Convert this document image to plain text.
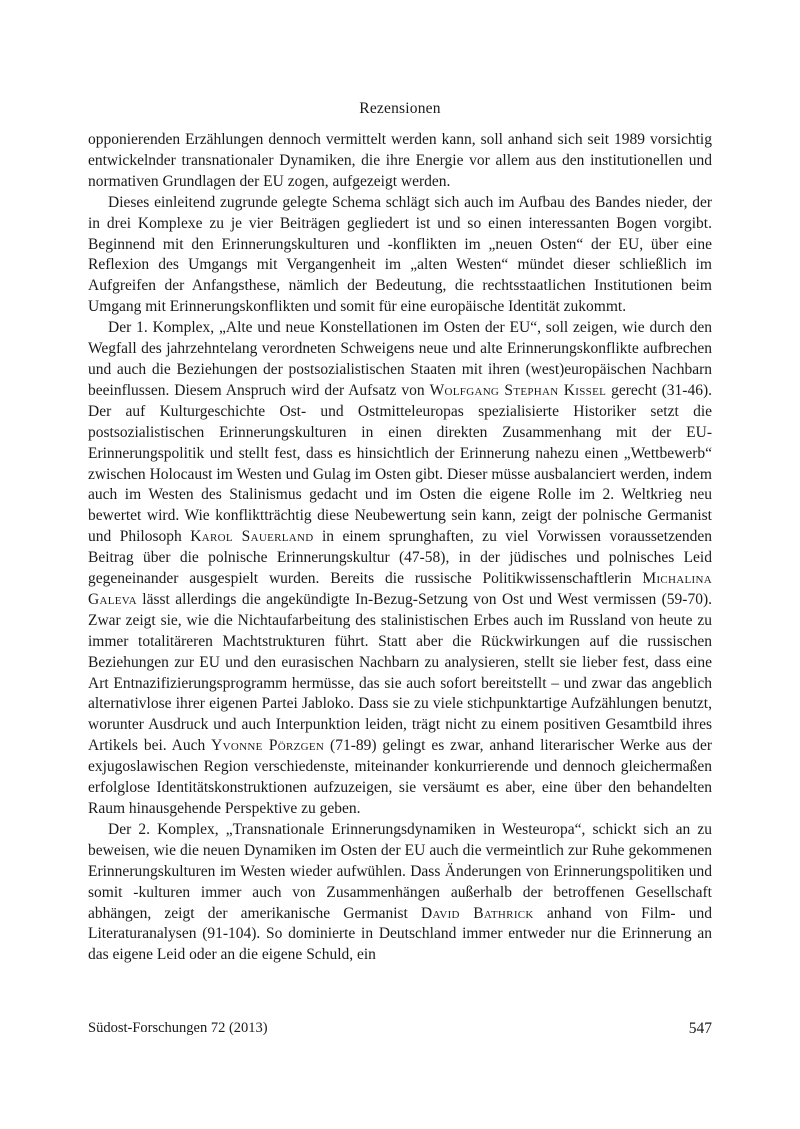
Rezensionen

opponierenden Erzählungen dennoch vermittelt werden kann, soll anhand sich seit 1989 vorsichtig entwickelnder transnationaler Dynamiken, die ihre Energie vor allem aus den institutionellen und normativen Grundlagen der EU zogen, aufgezeigt werden.

Dieses einleitend zugrunde gelegte Schema schlägt sich auch im Aufbau des Bandes nieder, der in drei Komplexe zu je vier Beiträgen gegliedert ist und so einen interessanten Bogen vorgibt. Beginnend mit den Erinnerungskulturen und -konflikten im „neuen Osten“ der EU, über eine Reflexion des Umgangs mit Vergangenheit im „alten Westen“ mündet dieser schließlich im Aufgreifen der Anfangsthese, nämlich der Bedeutung, die rechtsstaatlichen Institutionen beim Umgang mit Erinnerungskonflikten und somit für eine europäische Identität zukommt.

Der 1. Komplex, „Alte und neue Konstellationen im Osten der EU“, soll zeigen, wie durch den Wegfall des jahrzehntelang verordneten Schweigens neue und alte Erinnerungskonflikte aufbrechen und auch die Beziehungen der postsozialistischen Staaten mit ihren (west)europäischen Nachbarn beeinflussen. Diesem Anspruch wird der Aufsatz von Wolfgang Stephan Kissel gerecht (31-46). Der auf Kulturgeschichte Ost- und Ostmitteleuropas spezialisierte Historiker setzt die postsozialistischen Erinnerungskulturen in einen direkten Zusammenhang mit der EU-Erinnerungspolitik und stellt fest, dass es hinsichtlich der Erinnerung nahezu einen „Wettbewerb“ zwischen Holocaust im Westen und Gulag im Osten gibt. Dieser müsse ausbalanciert werden, indem auch im Westen des Stalinismus gedacht und im Osten die eigene Rolle im 2. Weltkrieg neu bewertet wird. Wie konfliktträchtig diese Neubewertung sein kann, zeigt der polnische Germanist und Philosoph Karol Sauerland in einem sprunghaften, zu viel Vorwissen voraussetzenden Beitrag über die polnische Erinnerungskultur (47-58), in der jüdisches und polnisches Leid gegeneinander ausgespielt wurden. Bereits die russische Politikwissenschaftlerin Michalina Galeva lässt allerdings die angekündigte In-Bezug-Setzung von Ost und West vermissen (59-70). Zwar zeigt sie, wie die Nichtaufarbeitung des stalinistischen Erbes auch im Russland von heute zu immer totalitäreren Machtstrukturen führt. Statt aber die Rückwirkungen auf die russischen Beziehungen zur EU und den eurasischen Nachbarn zu analysieren, stellt sie lieber fest, dass eine Art Entnazifizierungsprogramm hermüsse, das sie auch sofort bereitstellt – und zwar das angeblich alternativlose ihrer eigenen Partei Jabloko. Dass sie zu viele stichpunktartige Aufzählungen benutzt, worunter Ausdruck und auch Interpunktion leiden, trägt nicht zu einem positiven Gesamtbild ihres Artikels bei. Auch Yvonne Pörzgen (71-89) gelingt es zwar, anhand literarischer Werke aus der exjugoslawischen Region verschiedenste, miteinander konkurrierende und dennoch gleichermaßen erfolglose Identitätskonstruktionen aufzuzeigen, sie versäumt es aber, eine über den behandelten Raum hinausgehende Perspektive zu geben.

Der 2. Komplex, „Transnationale Erinnerungsdynamiken in Westeuropa“, schickt sich an zu beweisen, wie die neuen Dynamiken im Osten der EU auch die vermeintlich zur Ruhe gekommenen Erinnerungskulturen im Westen wieder aufwühlen. Dass Änderungen von Erinnerungspolitiken und somit -kulturen immer auch von Zusammenhängen außerhalb der betroffenen Gesellschaft abhängen, zeigt der amerikanische Germanist David Bathrick anhand von Film- und Literaturanalysen (91-104). So dominierte in Deutschland immer entweder nur die Erinnerung an das eigene Leid oder an die eigene Schuld, ein

Südost-Forschungen 72 (2013)	547
